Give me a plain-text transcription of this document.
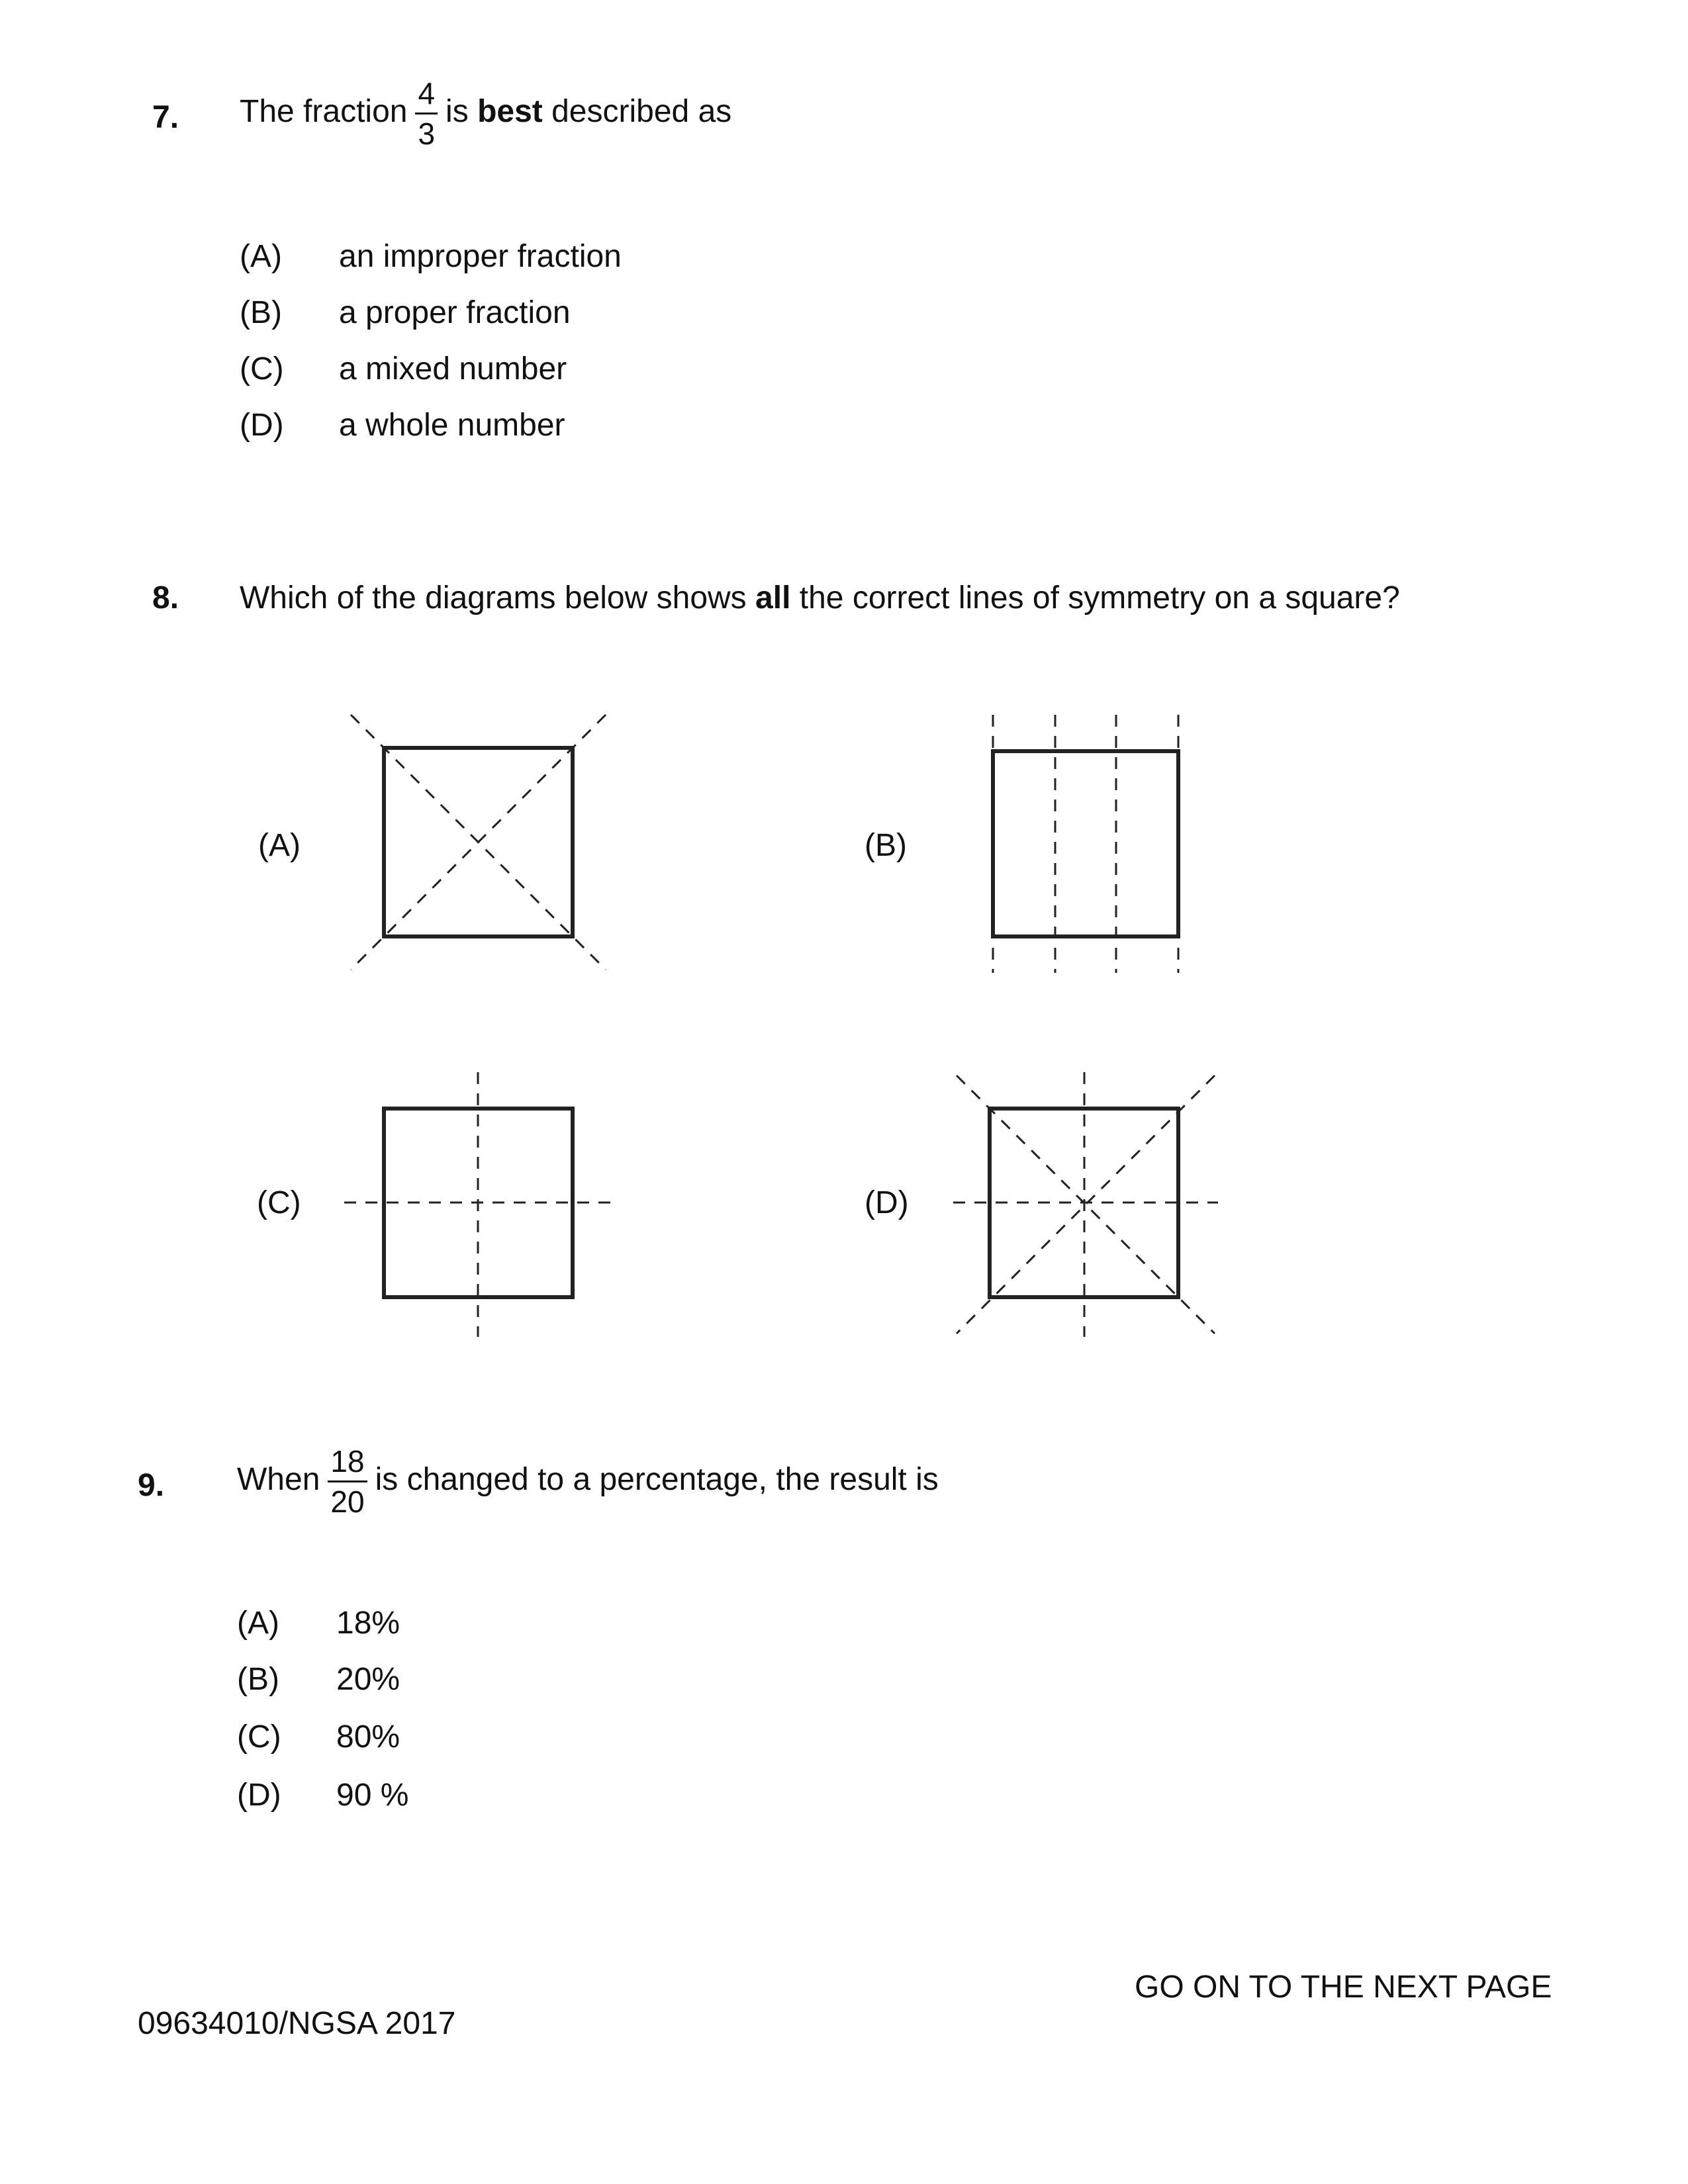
7. The fraction $\frac{4}{3}$ is best described as
(A) an improper fraction
(B) a proper fraction
(C) a mixed number
(D) a whole number
8. Which of the diagrams below shows all the correct lines of symmetry on a square?
(A)	(B)
(C)	(D)
9. When $\frac{18}{20}$ is changed to a percentage, the result is
(A) 18%
(B) 20%
(C) 80%
(D) 90 %
GO ON TO THE NEXT PAGE
09634010/NGSA 2017
